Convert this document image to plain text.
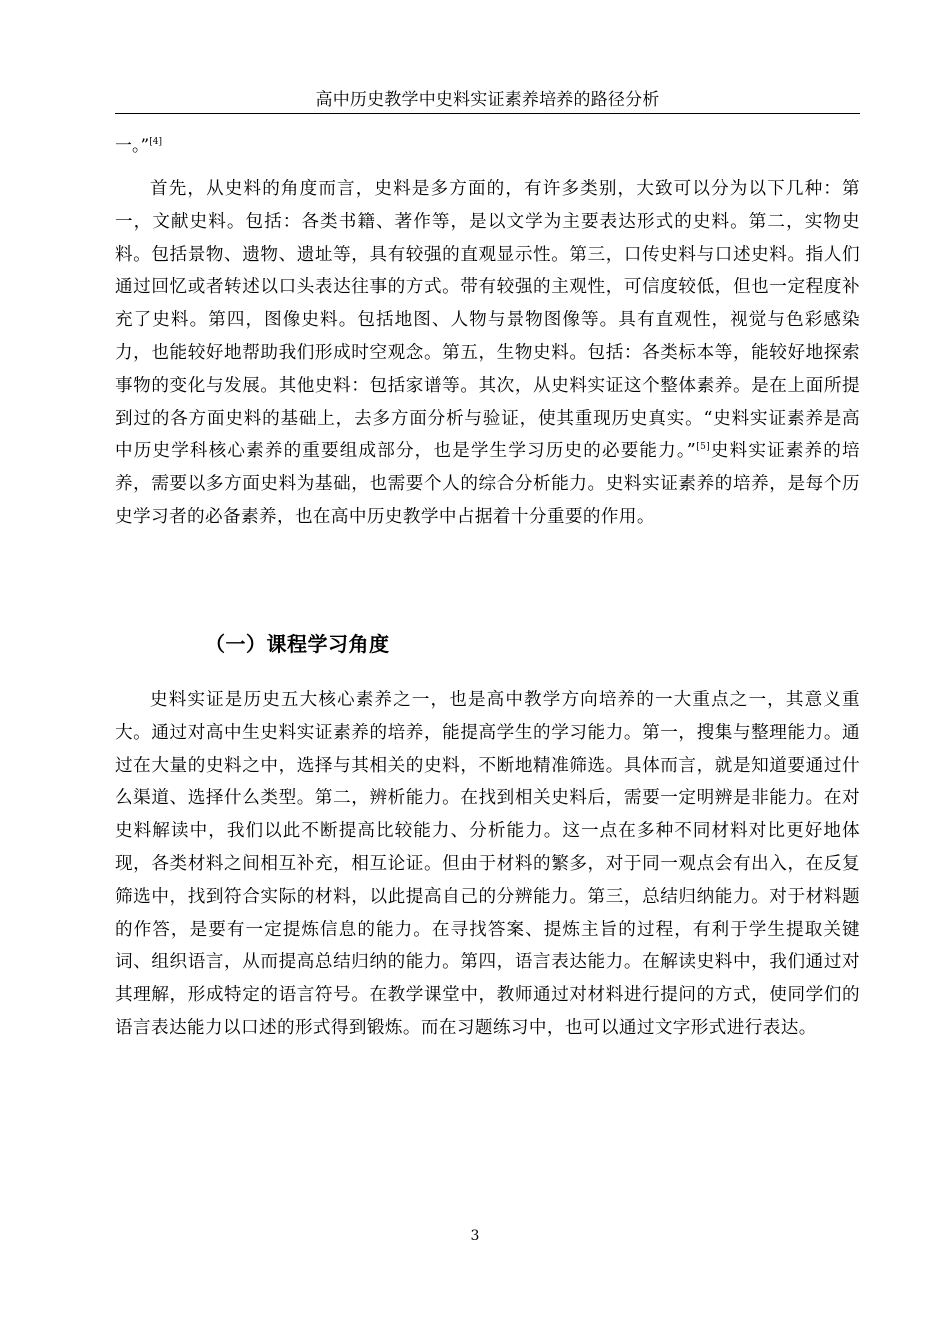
高中历史教学中史料实证素养培养的路径分析
一。”[4]

首先，从史料的角度而言，史料是多方面的，有许多类别，大致可以分为以下几种：第一，文献史料。包括：各类书籍、著作等，是以文学为主要表达形式的史料。第二，实物史料。包括景物、遗物、遗址等，具有较强的直观显示性。第三，口传史料与口述史料。指人们通过回忆或者转述以口头表达往事的方式。带有较强的主观性，可信度较低，但也一定程度补充了史料。第四，图像史料。包括地图、人物与景物图像等。具有直观性，视觉与色彩感染力，也能较好地帮助我们形成时空观念。第五，生物史料。包括：各类标本等，能较好地探索事物的变化与发展。其他史料：包括家谱等。其次，从史料实证这个整体素养。是在上面所提到过的各方面史料的基础上，去多方面分析与验证，使其重现历史真实。“史料实证素养是高中历史学科核心素养的重要组成部分，也是学生学习历史的必要能力。”[5]史料实证素养的培养，需要以多方面史料为基础，也需要个人的综合分析能力。史料实证素养的培养，是每个历史学习者的必备素养，也在高中历史教学中占据着十分重要的作用。

（一）课程学习角度

史料实证是历史五大核心素养之一，也是高中教学方向培养的一大重点之一，其意义重大。通过对高中生史料实证素养的培养，能提高学生的学习能力。第一，搜集与整理能力。通过在大量的史料之中，选择与其相关的史料，不断地精准筛选。具体而言，就是知道要通过什么渠道、选择什么类型。第二，辨析能力。在找到相关史料后，需要一定明辨是非能力。在对史料解读中，我们以此不断提高比较能力、分析能力。这一点在多种不同材料对比更好地体现，各类材料之间相互补充，相互论证。但由于材料的繁多，对于同一观点会有出入，在反复筛选中，找到符合实际的材料，以此提高自己的分辨能力。第三，总结归纳能力。对于材料题的作答，是要有一定提炼信息的能力。在寻找答案、提炼主旨的过程，有利于学生提取关键词、组织语言，从而提高总结归纳的能力。第四，语言表达能力。在解读史料中，我们通过对其理解，形成特定的语言符号。在教学课堂中，教师通过对材料进行提问的方式，使同学们的语言表达能力以口述的形式得到锻炼。而在习题练习中，也可以通过文字形式进行表达。

3
